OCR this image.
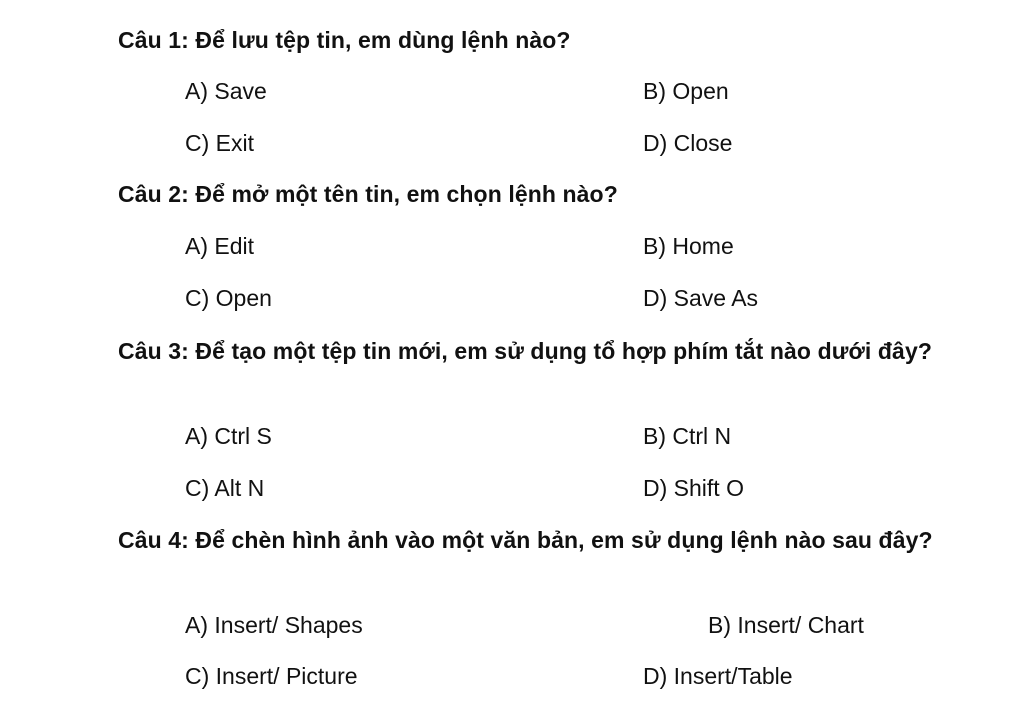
Câu 1: Để lưu tệp tin, em dùng lệnh nào?
A) Save	B) Open
C) Exit	D) Close
Câu 2: Để mở một tên tin, em chọn lệnh nào?
A) Edit	B) Home
C) Open	D) Save As
Câu 3: Để tạo một tệp tin mới, em sử dụng tổ hợp phím tắt nào dưới đây?
A) Ctrl S	B) Ctrl N
C) Alt N	D) Shift O
Câu 4: Để chèn hình ảnh vào một văn bản, em sử dụng lệnh nào sau đây?
A) Insert/ Shapes	B) Insert/ Chart
C) Insert/ Picture	D) Insert/Table
